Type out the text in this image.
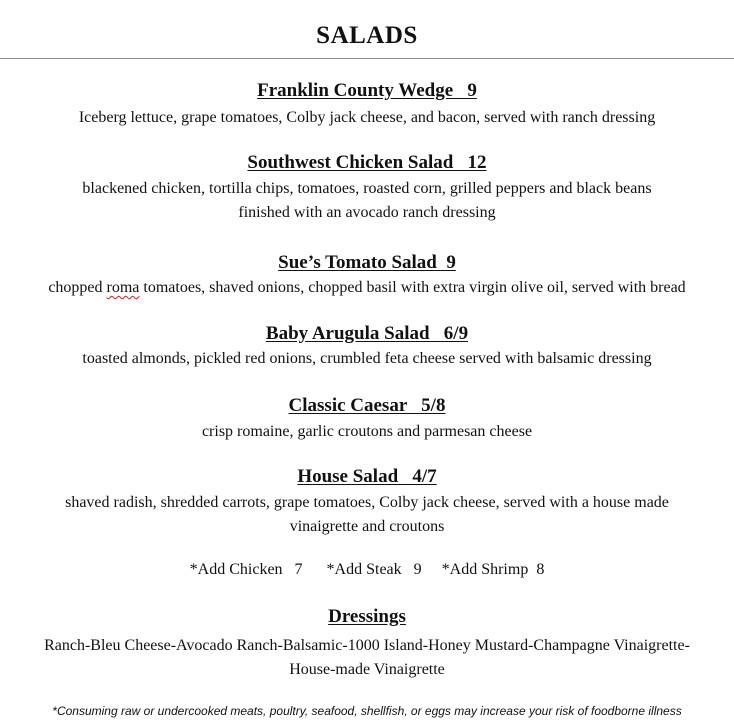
SALADS
Franklin County Wedge   9
Iceberg lettuce, grape tomatoes, Colby jack cheese, and bacon, served with ranch dressing
Southwest Chicken Salad   12
blackened chicken, tortilla chips, tomatoes, roasted corn, grilled peppers and black beans
finished with an avocado ranch dressing
Sue’s Tomato Salad  9
chopped roma tomatoes, shaved onions, chopped basil with extra virgin olive oil, served with bread
Baby Arugula Salad   6/9
toasted almonds, pickled red onions, crumbled feta cheese served with balsamic dressing
Classic Caesar   5/8
crisp romaine, garlic croutons and parmesan cheese
House Salad   4/7
shaved radish, shredded carrots, grape tomatoes, Colby jack cheese, served with a house made
vinaigrette and croutons
*Add Chicken   7      *Add Steak   9     *Add Shrimp  8
Dressings
Ranch-Bleu Cheese-Avocado Ranch-Balsamic-1000 Island-Honey Mustard-Champagne Vinaigrette-
House-made Vinaigrette
*Consuming raw or undercooked meats, poultry, seafood, shellfish, or eggs may increase your risk of foodborne illness
